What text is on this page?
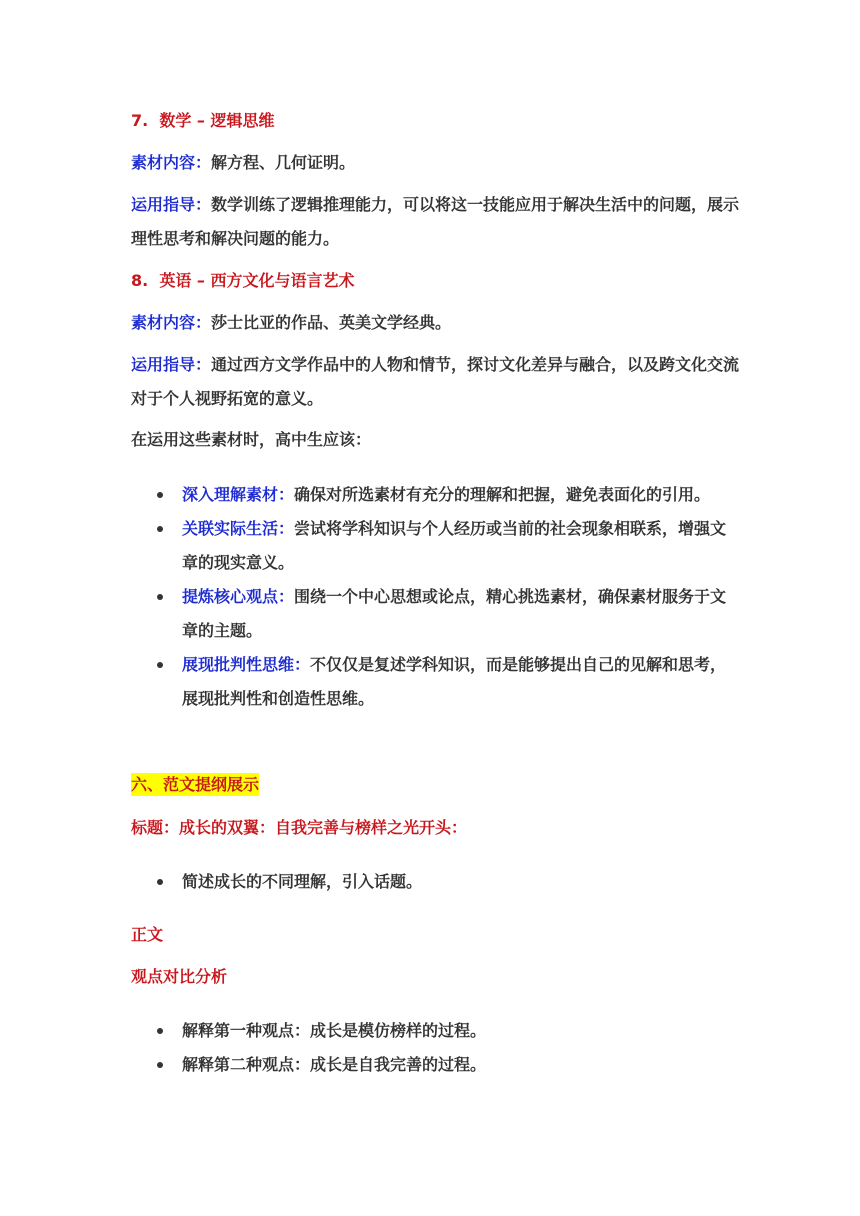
7. 数学 – 逻辑思维

素材内容：解方程、几何证明。

运用指导：数学训练了逻辑推理能力，可以将这一技能应用于解决生活中的问题，展示理性思考和解决问题的能力。

8. 英语 – 西方文化与语言艺术

素材内容：莎士比亚的作品、英美文学经典。

运用指导：通过西方文学作品中的人物和情节，探讨文化差异与融合，以及跨文化交流对于个人视野拓宽的意义。

在运用这些素材时，高中生应该：

深入理解素材：确保对所选素材有充分的理解和把握，避免表面化的引用。
关联实际生活：尝试将学科知识与个人经历或当前的社会现象相联系，增强文章的现实意义。
提炼核心观点：围绕一个中心思想或论点，精心挑选素材，确保素材服务于文章的主题。
展现批判性思维：不仅仅是复述学科知识，而是能够提出自己的见解和思考，展现批判性和创造性思维。

六、范文提纲展示

标题：成长的双翼：自我完善与榜样之光开头：

简述成长的不同理解，引入话题。

正文

观点对比分析

解释第一种观点：成长是模仿榜样的过程。
解释第二种观点：成长是自我完善的过程。
